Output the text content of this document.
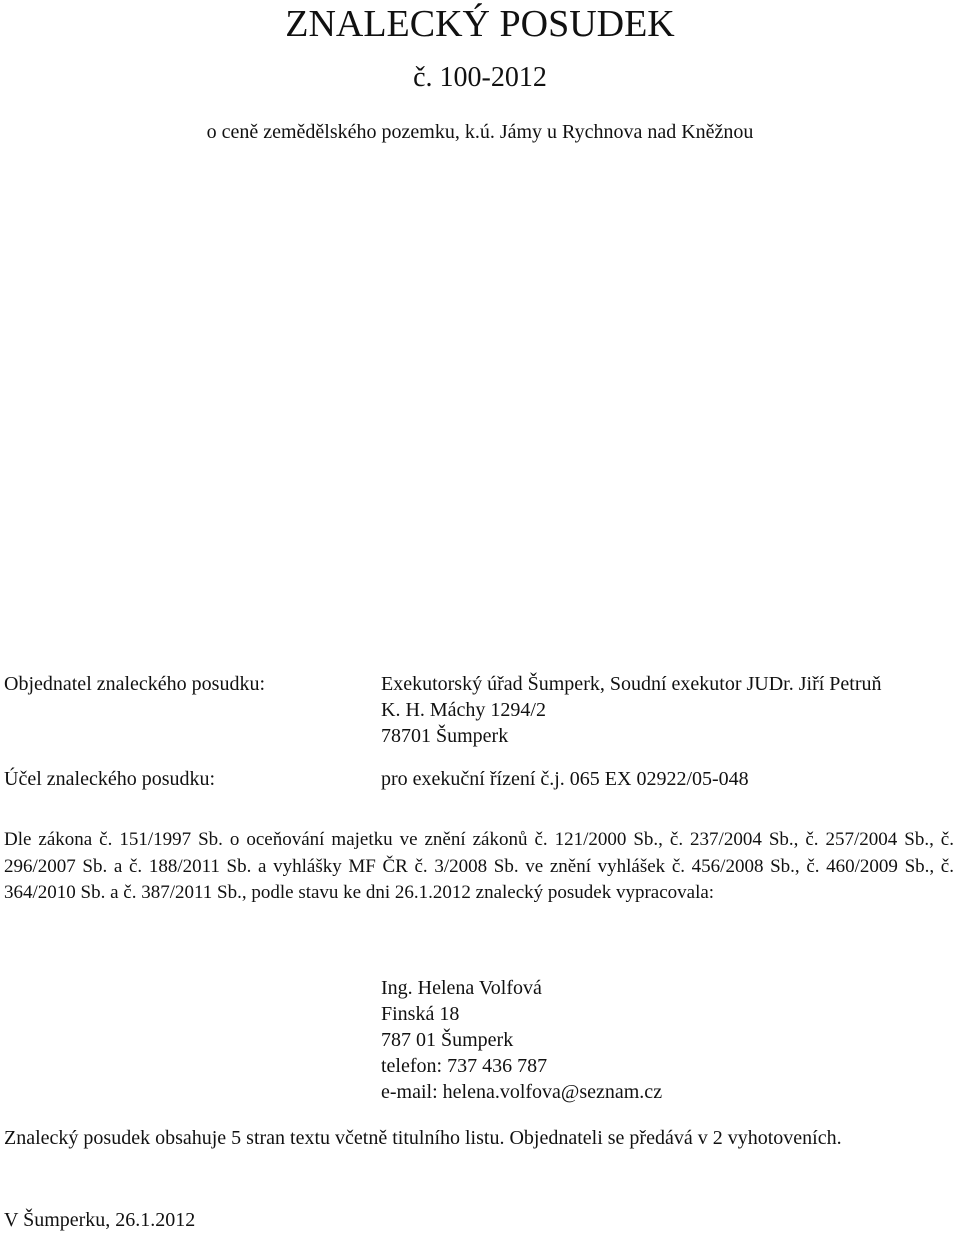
ZNALECKÝ POSUDEK
č. 100-2012
o ceně zemědělského pozemku, k.ú. Jámy u Rychnova nad Kněžnou
Objednatel znaleckého posudku:	Exekutorský úřad Šumperk, Soudní exekutor JUDr. Jiří Petruň
K. H. Máchy 1294/2
78701 Šumperk
Účel znaleckého posudku:	pro exekuční řízení č.j. 065 EX 02922/05-048
Dle zákona č. 151/1997 Sb. o oceňování majetku ve znění zákonů č. 121/2000 Sb., č. 237/2004 Sb., č. 257/2004 Sb., č. 296/2007 Sb. a č. 188/2011 Sb. a vyhlášky MF ČR č. 3/2008 Sb. ve znění vyhlášek č. 456/2008 Sb., č. 460/2009 Sb., č. 364/2010 Sb. a č. 387/2011 Sb., podle stavu ke dni 26.1.2012 znalecký posudek vypracovala:
Ing. Helena Volfová
Finská 18
787 01 Šumperk
telefon: 737 436 787
e-mail: helena.volfova@seznam.cz
Znalecký posudek obsahuje 5 stran textu včetně titulního listu. Objednateli se předává v 2 vyhotoveních.
V Šumperku, 26.1.2012
